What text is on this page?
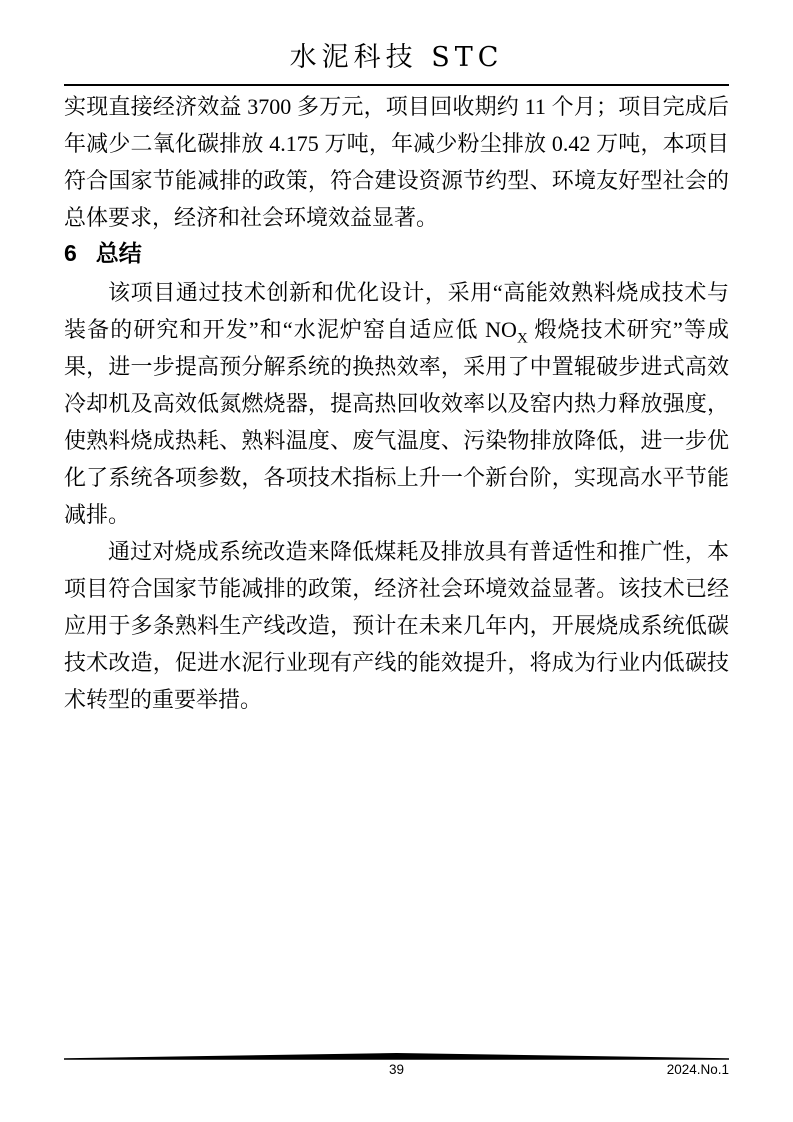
水泥科技 STC

实现直接经济效益 3700 多万元，项目回收期约 11 个月；项目完成后年减少二氧化碳排放 4.175 万吨，年减少粉尘排放 0.42 万吨，本项目符合国家节能减排的政策，符合建设资源节约型、环境友好型社会的总体要求，经济和社会环境效益显著。

6 总结

该项目通过技术创新和优化设计，采用“高能效熟料烧成技术与装备的研究和开发”和“水泥炉窑自适应低 $NO_X$ 煅烧技术研究”等成果，进一步提高预分解系统的换热效率，采用了中置辊破步进式高效冷却机及高效低氮燃烧器，提高热回收效率以及窑内热力释放强度，使熟料烧成热耗、熟料温度、废气温度、污染物排放降低，进一步优化了系统各项参数，各项技术指标上升一个新台阶，实现高水平节能减排。

通过对烧成系统改造来降低煤耗及排放具有普适性和推广性，本项目符合国家节能减排的政策，经济社会环境效益显著。该技术已经应用于多条熟料生产线改造，预计在未来几年内，开展烧成系统低碳技术改造，促进水泥行业现有产线的能效提升，将成为行业内低碳技术转型的重要举措。

39	2024.No.1
